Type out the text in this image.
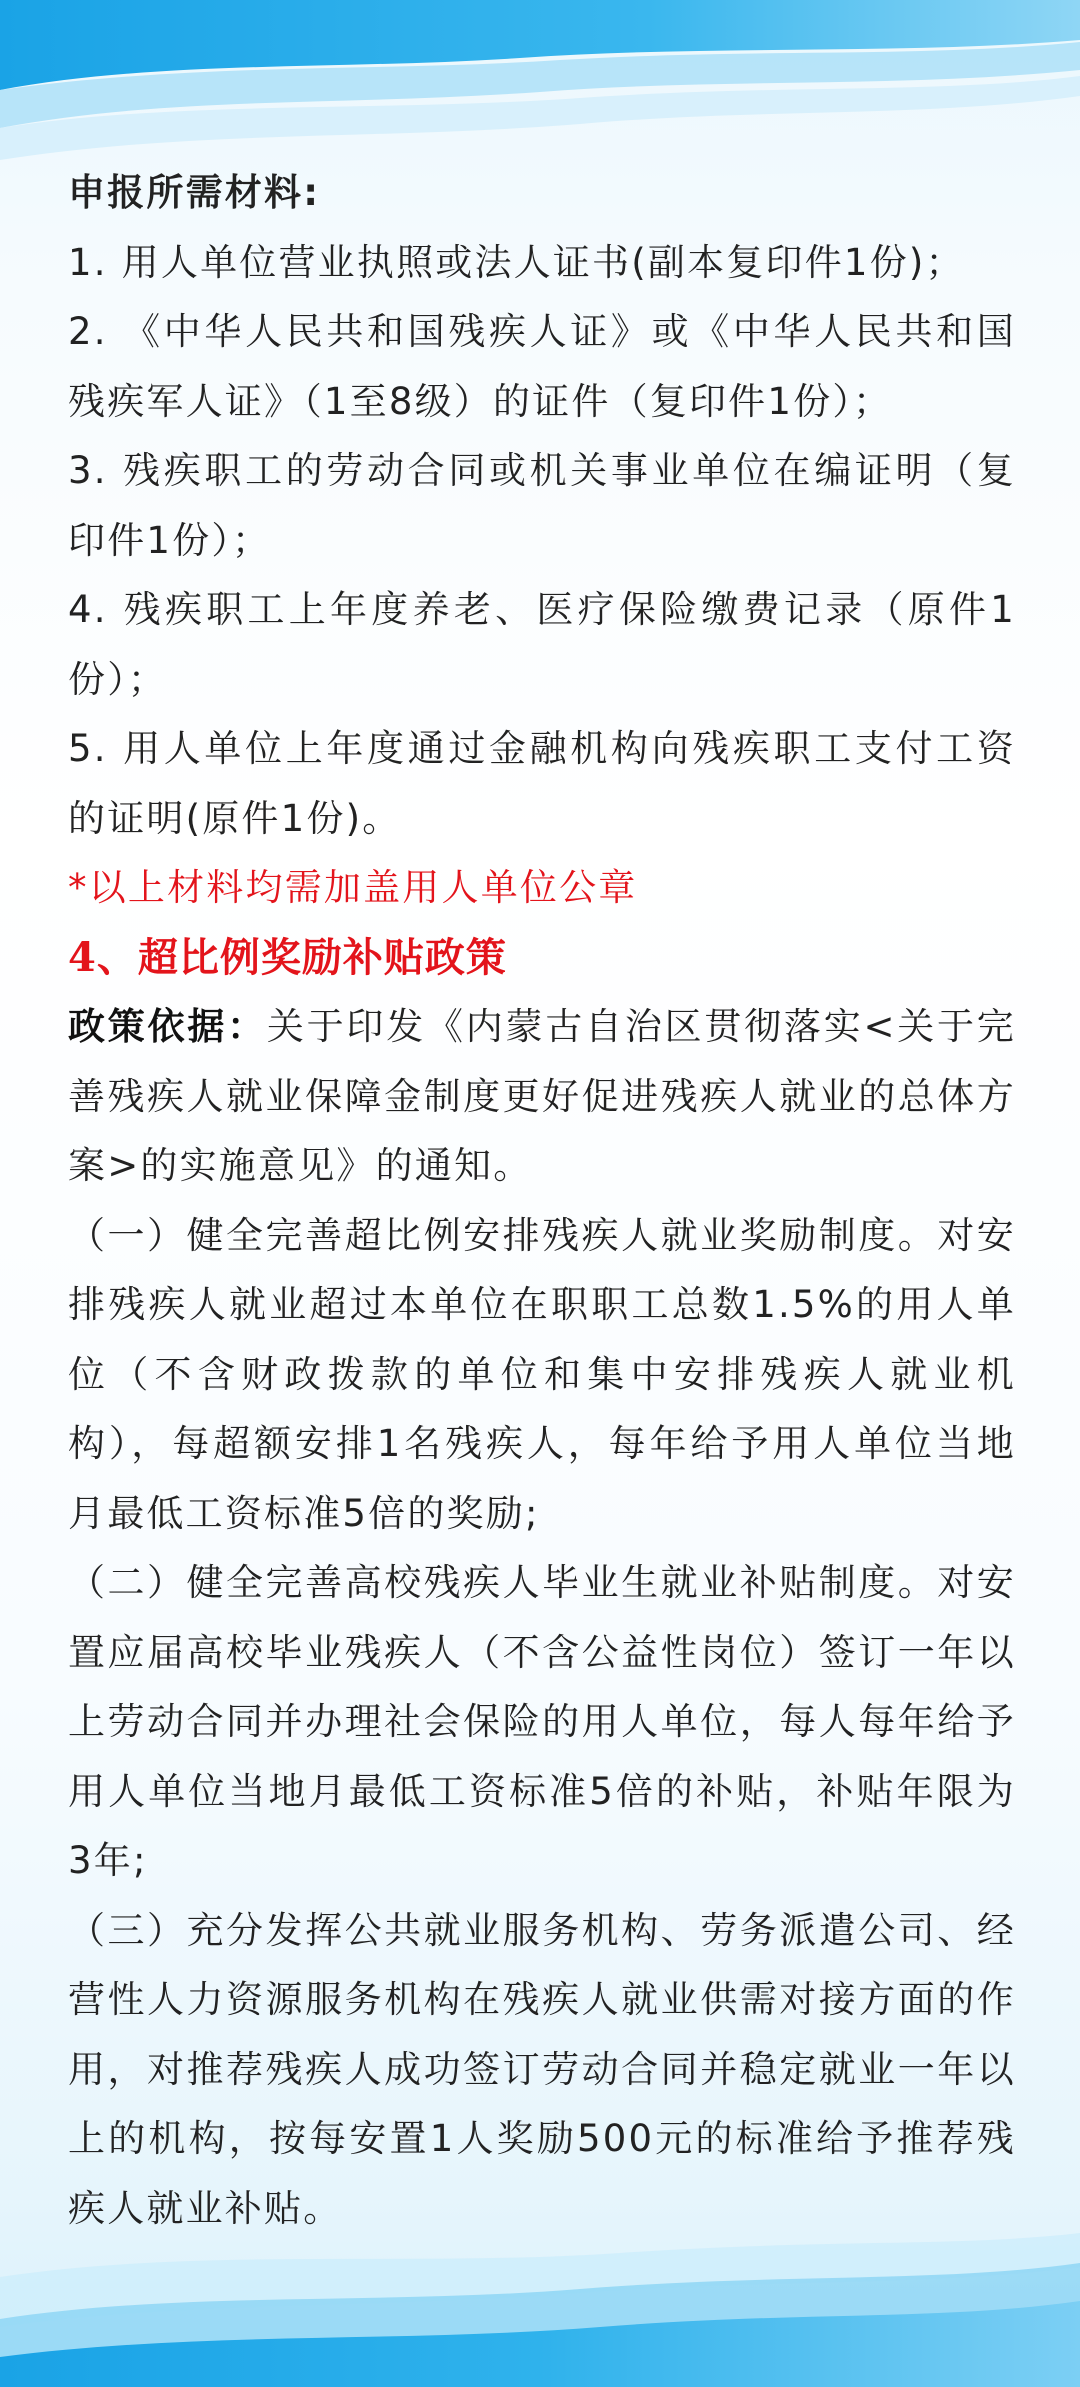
申报所需材料:

1. 用人单位营业执照或法人证书(副本复印件1份)；

2. 《中华人民共和国残疾人证》或《中华人民共和国残疾军人证》（1至8级）的证件（复印件1份）；

3. 残疾职工的劳动合同或机关事业单位在编证明（复印件1份）；

4. 残疾职工上年度养老、医疗保险缴费记录（原件1份）；

5. 用人单位上年度通过金融机构向残疾职工支付工资的证明(原件1份)。

*以上材料均需加盖用人单位公章

4、超比例奖励补贴政策

政策依据：关于印发《内蒙古自治区贯彻落实<关于完善残疾人就业保障金制度更好促进残疾人就业的总体方案>的实施意见》的通知。

（一）健全完善超比例安排残疾人就业奖励制度。对安排残疾人就业超过本单位在职职工总数1.5%的用人单位（不含财政拨款的单位和集中安排残疾人就业机构），每超额安排1名残疾人，每年给予用人单位当地月最低工资标准5倍的奖励;

（二）健全完善高校残疾人毕业生就业补贴制度。对安置应届高校毕业残疾人（不含公益性岗位）签订一年以上劳动合同并办理社会保险的用人单位，每人每年给予用人单位当地月最低工资标准5倍的补贴，补贴年限为3年;

（三）充分发挥公共就业服务机构、劳务派遣公司、经营性人力资源服务机构在残疾人就业供需对接方面的作用，对推荐残疾人成功签订劳动合同并稳定就业一年以上的机构，按每安置1人奖励500元的标准给予推荐残疾人就业补贴。
